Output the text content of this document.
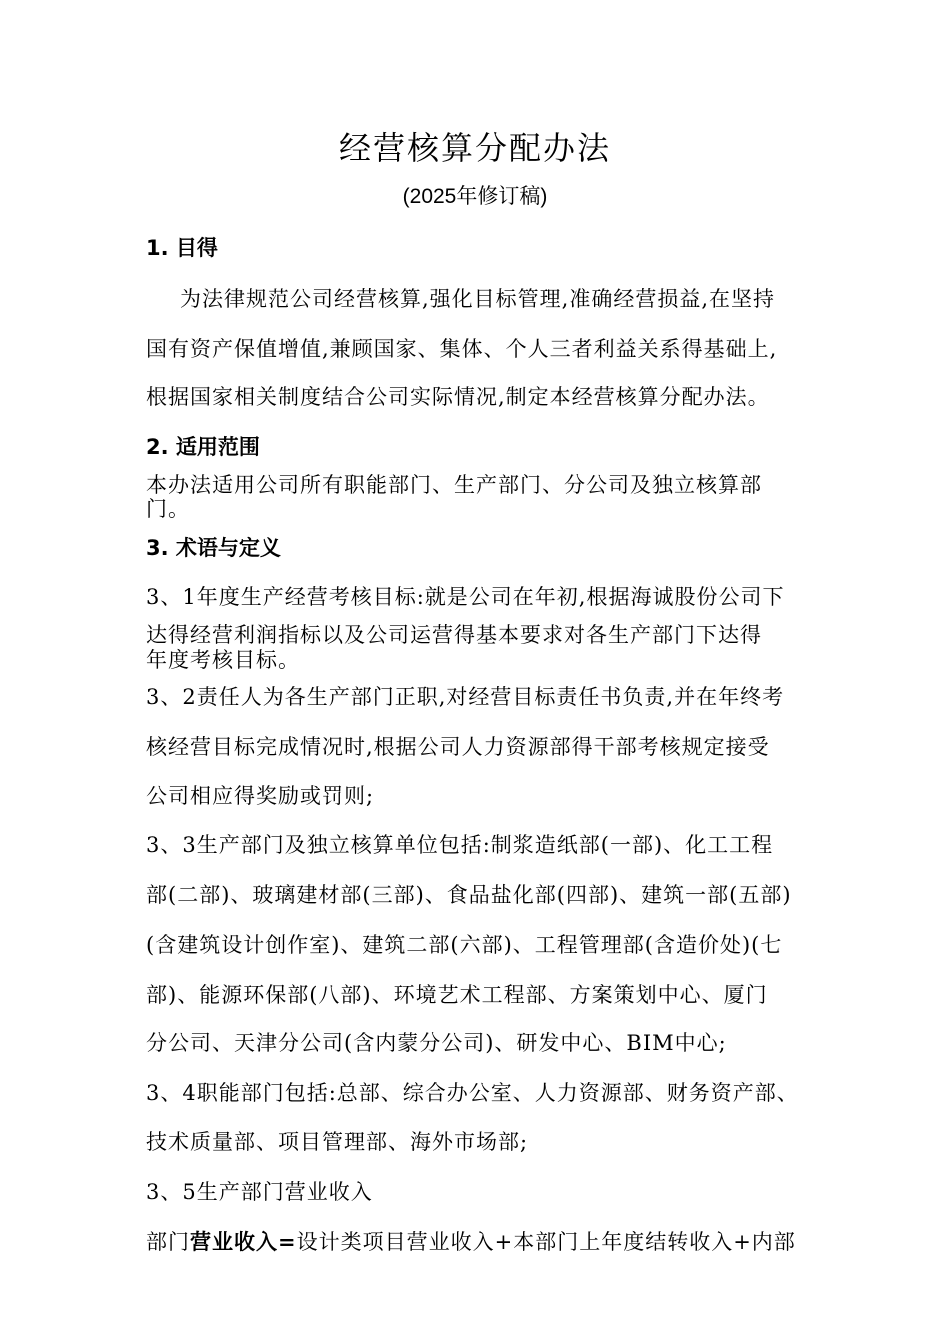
经营核算分配办法
(2025年修订稿)
1. 目得
为法律规范公司经营核算,强化目标管理,准确经营损益,在坚持
国有资产保值增值,兼顾国家、集体、个人三者利益关系得基础上,
根据国家相关制度结合公司实际情况,制定本经营核算分配办法。
2. 适用范围
本办法适用公司所有职能部门、生产部门、分公司及独立核算部
门。
3. 术语与定义
3、1年度生产经营考核目标:就是公司在年初,根据海诚股份公司下
达得经营利润指标以及公司运营得基本要求对各生产部门下达得
年度考核目标。
3、2责任人为各生产部门正职,对经营目标责任书负责,并在年终考
核经营目标完成情况时,根据公司人力资源部得干部考核规定接受
公司相应得奖励或罚则;
3、3生产部门及独立核算单位包括:制浆造纸部(一部)、化工工程
部(二部)、玻璃建材部(三部)、食品盐化部(四部)、建筑一部(五部)
(含建筑设计创作室)、建筑二部(六部)、工程管理部(含造价处)(七
部)、能源环保部(八部)、环境艺术工程部、方案策划中心、厦门
分公司、天津分公司(含内蒙分公司)、研发中心、BIM中心;
3、4职能部门包括:总部、综合办公室、人力资源部、财务资产部、
技术质量部、项目管理部、海外市场部;
3、5生产部门营业收入
部门营业收入=设计类项目营业收入+本部门上年度结转收入+内部
